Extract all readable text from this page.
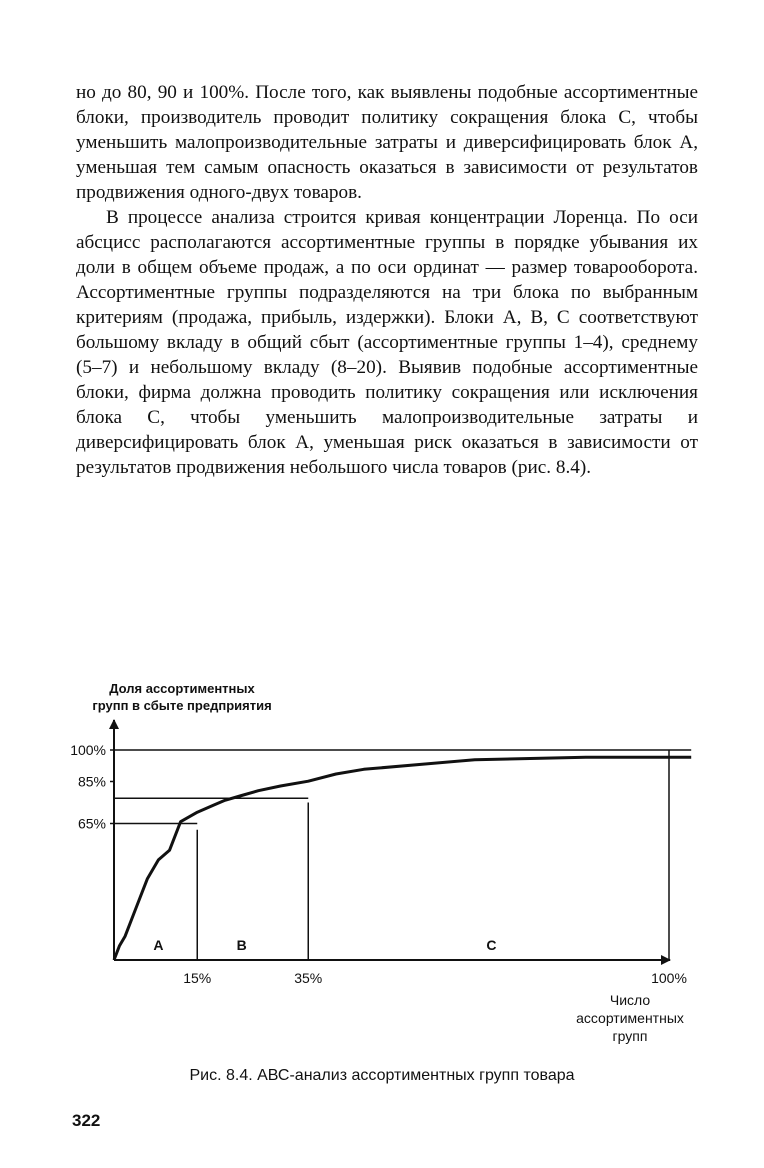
но до 80, 90 и 100%. После того, как выявлены подобные ассортиментные блоки, производитель проводит политику сокращения блока С, чтобы уменьшить малопроизводительные затраты и диверсифицировать блок А, уменьшая тем самым опасность оказаться в зависимости от результатов продвижения одного-двух товаров.

В процессе анализа строится кривая концентрации Лоренца. По оси абсцисс располагаются ассортиментные группы в порядке убывания их доли в общем объеме продаж, а по оси ординат — размер товарооборота. Ассортиментные группы подразделяются на три блока по выбранным критериям (продажа, прибыль, издержки). Блоки А, В, С соответствуют большому вкладу в общий сбыт (ассортиментные группы 1–4), среднему (5–7) и небольшому вкладу (8–20). Выявив подобные ассортиментные блоки, фирма должна проводить политику сокращения или исключения блока С, чтобы уменьшить малопроизводительные затраты и диверсифицировать блок А, уменьшая риск оказаться в зависимости от результатов продвижения небольшого числа товаров (рис. 8.4).

Доля ассортиментных
групп в сбыте предприятия
100%
85%
65%
15%	35%	100%
A	B	C
Число
ассортиментных
групп
Рис. 8.4. АВС-анализ ассортиментных групп товара
322
